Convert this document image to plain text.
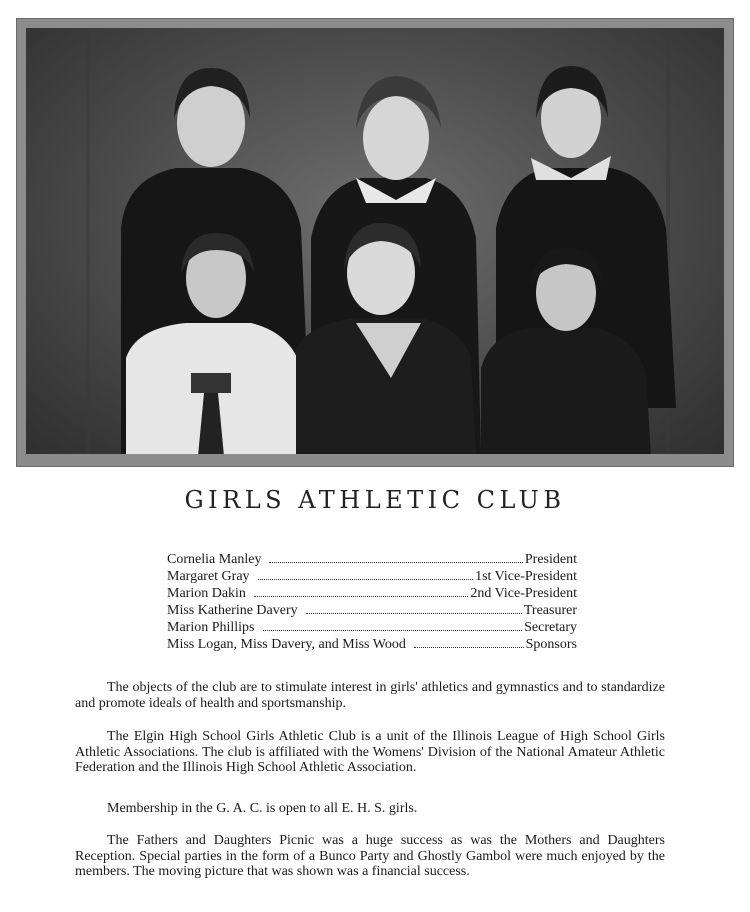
GIRLS ATHLETIC CLUB
Cornelia Manley	President
Margaret Gray	1st Vice-President
Marion Dakin	2nd Vice-President
Miss Katherine Davery	Treasurer
Marion Phillips	Secretary
Miss Logan, Miss Davery, and Miss Wood	Sponsors

The objects of the club are to stimulate interest in girls' athletics and gymnastics and to standardize and promote ideals of health and sportsmanship.

The Elgin High School Girls Athletic Club is a unit of the Illinois League of High School Girls Athletic Associations. The club is affiliated with the Womens' Division of the National Amateur Athletic Federation and the Illinois High School Athletic Association.

Membership in the G. A. C. is open to all E. H. S. girls.

The Fathers and Daughters Picnic was a huge success as was the Mothers and Daughters Reception. Special parties in the form of a Bunco Party and Ghostly Gambol were much enjoyed by the members. The moving picture that was shown was a financial success.
